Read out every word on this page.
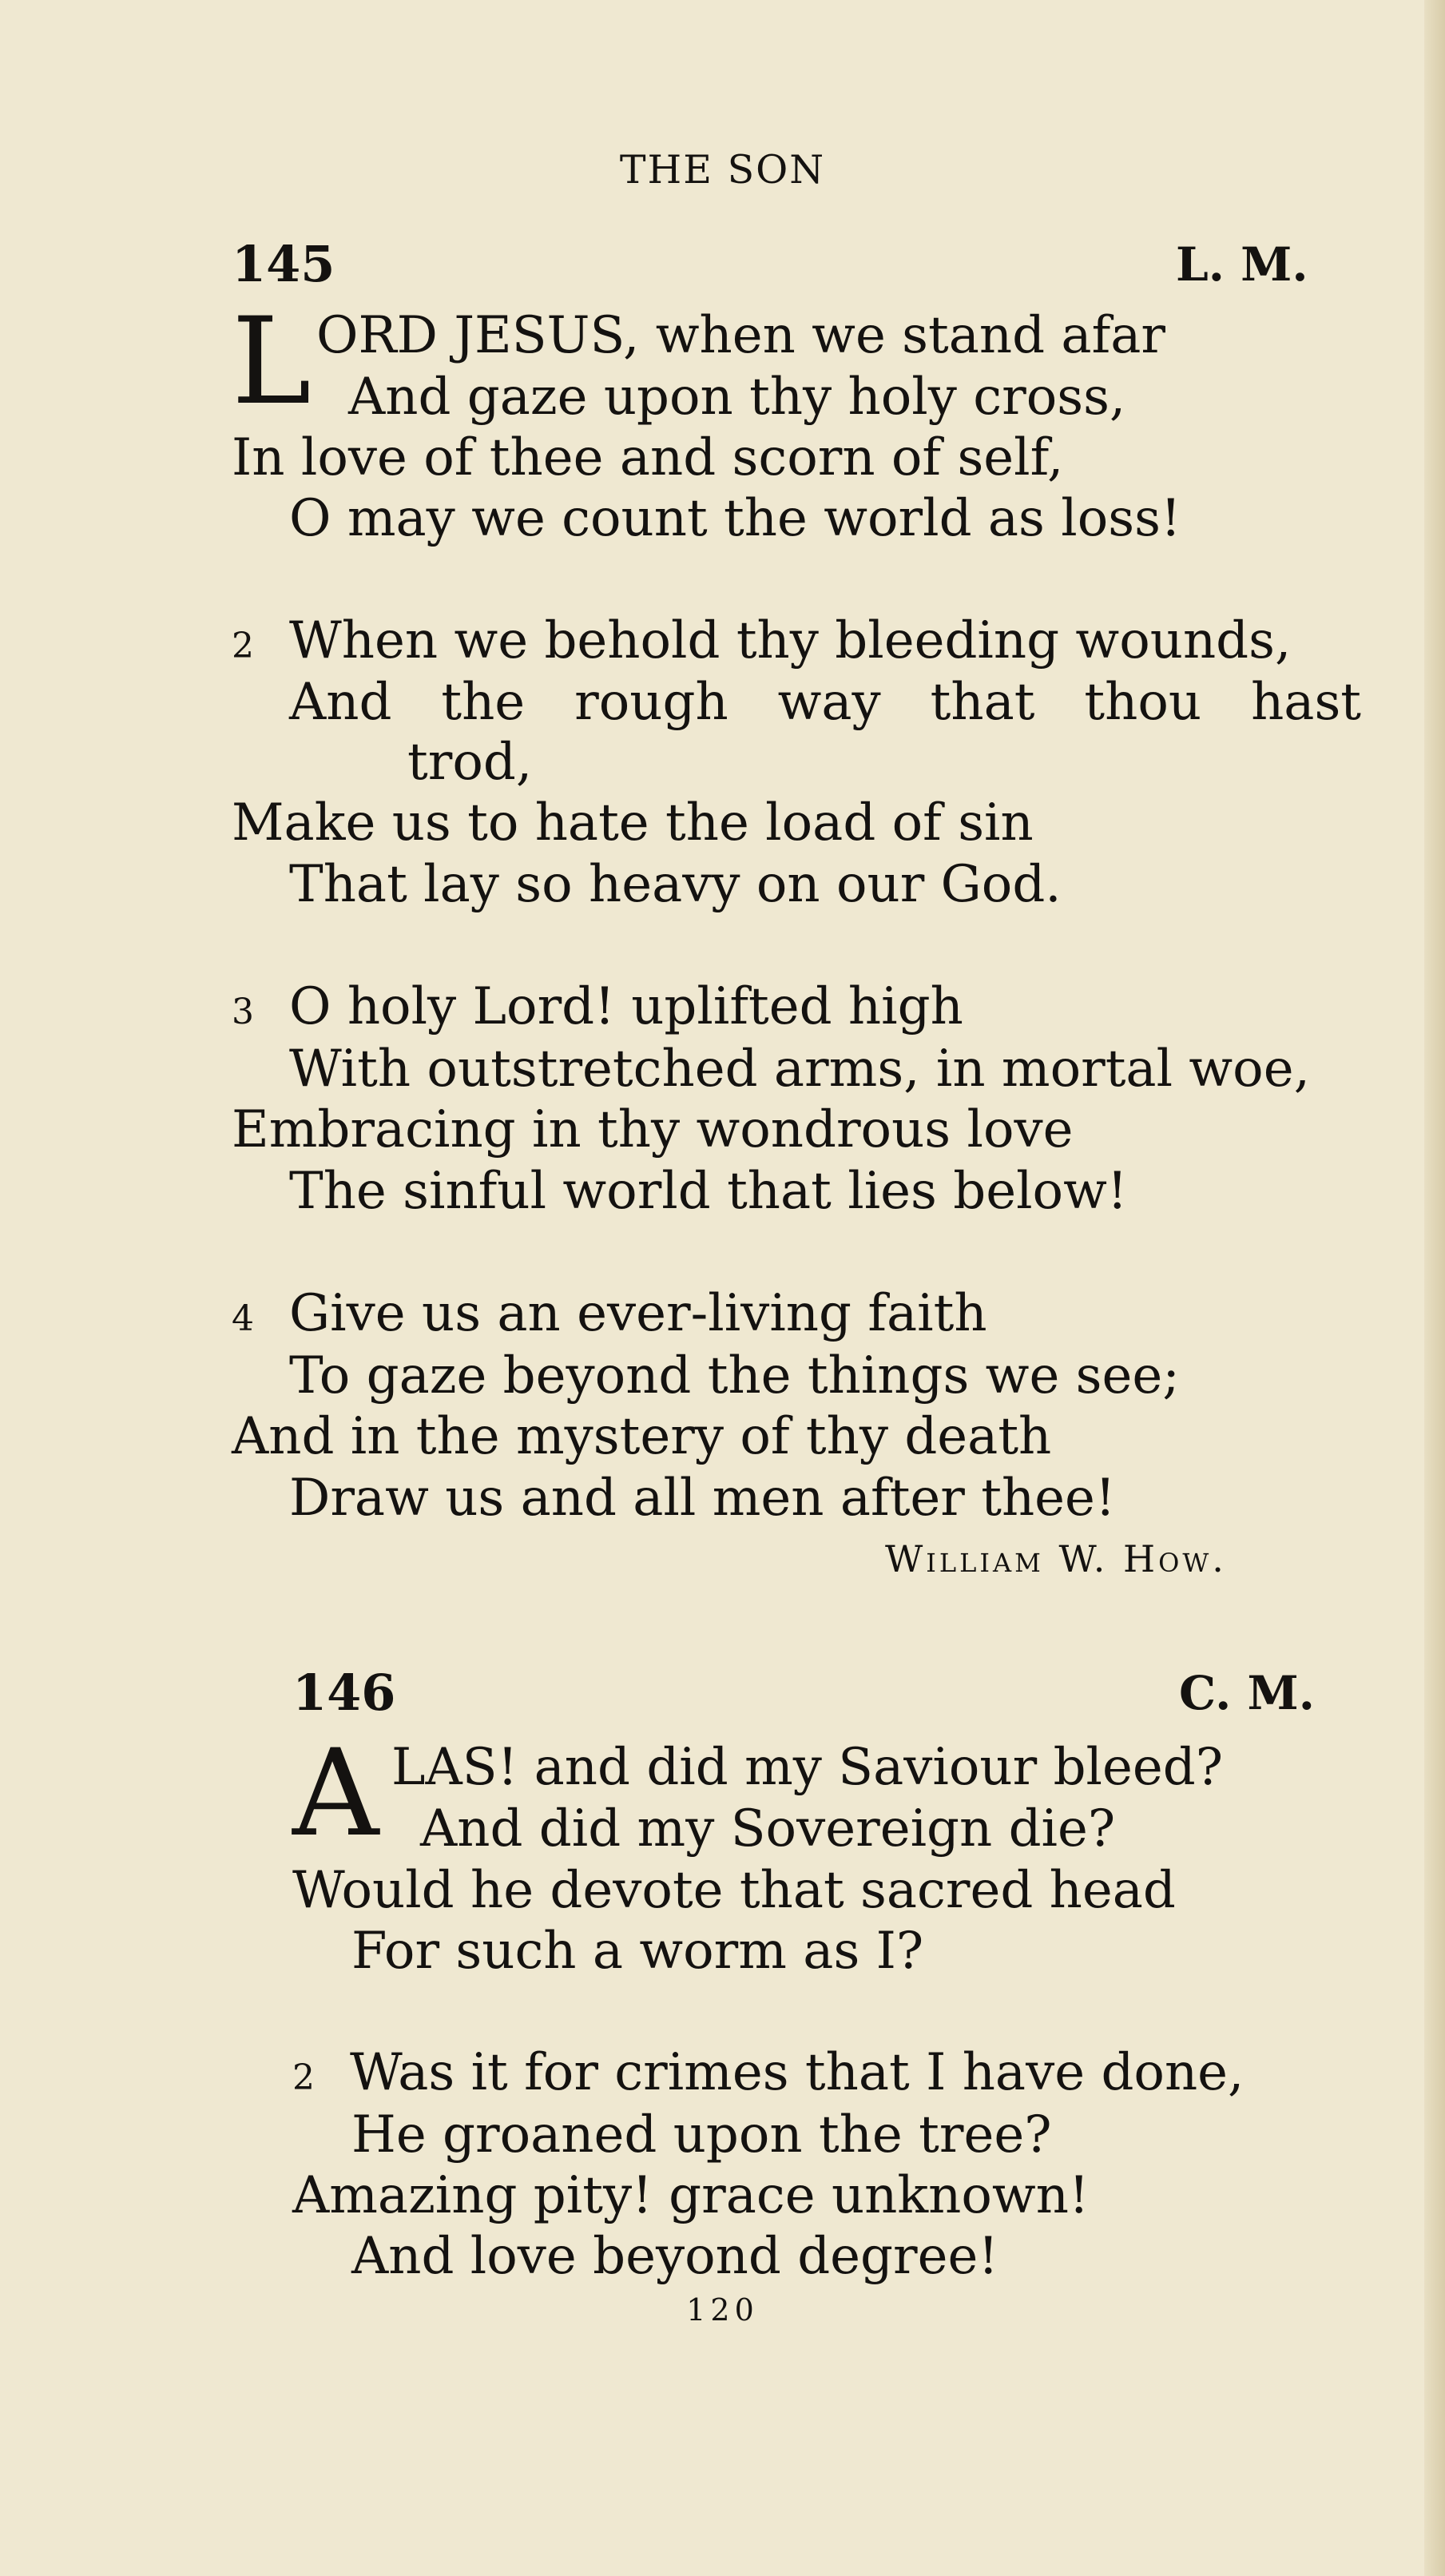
THE SON
145	L. M.
L ORD JESUS, when we stand afar
And gaze upon thy holy cross,
In love of thee and scorn of self,
O may we count the world as loss!
2 When we behold thy bleeding wounds,
And the rough way that thou hast
trod,
Make us to hate the load of sin
That lay so heavy on our God.
3 O holy Lord! uplifted high
With outstretched arms, in mortal woe,
Embracing in thy wondrous love
The sinful world that lies below!
4 Give us an ever-living faith
To gaze beyond the things we see;
And in the mystery of thy death
Draw us and all men after thee!
William W. How.
146	C. M.
A LAS! and did my Saviour bleed?
And did my Sovereign die?
Would he devote that sacred head
For such a worm as I?
2 Was it for crimes that I have done,
He groaned upon the tree?
Amazing pity! grace unknown!
And love beyond degree!
120
